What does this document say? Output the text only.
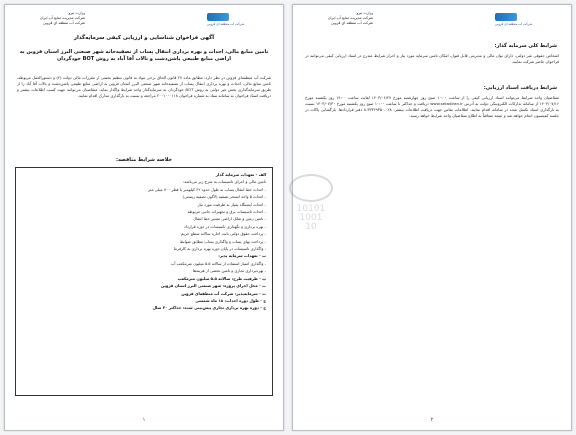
وزارت نیرو
شرکت مدیریت منابع آب ایران
شرکت آب منطقه ای قزوین	شرکت آب منطقه ای قزوین
آگهی فراخوان شناسایی و ارزیابی کیفی سرمایه‌گذار
تامین منابع مالی، احداث و بهره برداری انتقال پساب از تصفیه‌خانه شهر صنعتی البرز استان قزوین به اراضی منابع طبیعی پاشن‌دشت و تالاب آقا آباد به روش BOT خودگردان
شرکت آب منطقه‌ای قزوین در نظر دارد، مطابق ماده ۲۷ قانون الحاق برخی مواد به قانون تنظیم بخشی از مقررات مالی دولت (۲) و دستورالعمل مربوطه، تامین منابع مالی، احداث و بهره برداری انتقال پساب از تصفیه‌خانه شهر صنعتی البرز استان قزوین به اراضی منابع طبیعی پاشن‌دشت و تالاب آقا آباد را از طریق سرمایه‌گذاری بخش غیر دولتی به روش BOT خودگردان به سرمایه‌گذار واجد شرایط واگذار نماید. متقاضیان می‌توانند جهت کسب اطلاعات بیشتر و دریافت اسناد فراخوان به سامانه ستاد به شماره فراخوان ۲۰۰۱۰۰۰۱۱۸ مراجعه و نسبت به بارگذاری مدارک اقدام نمایند.
خلاصه شرایط مناقصه:
الف - تعهدات سرمایه گذار
تامین مالی و اجرای تاسیسات به شرح زیر می‌باشد:
- احداث خط انتقال پساب به طول حدود ۲۲ کیلومتر با قطر ۷۰۰ میلی متر
- احداث ۵ واحد استخر تصفیه (لاگون تصفیه زیستی)
- احداث ایستگاه پمپاژ به ظرفیت مورد نیاز
- احداث تاسیسات برق و تجهیزات جانبی مربوطه
- تامین زمین و تملک اراضی مسیر خط انتقال
- بهره برداری و نگهداری تاسیسات در دوره قرارداد
- پرداخت حقوق دولتی بابت اجاره سالانه سطح حریم
- پرداخت بهای پساب و واگذاری پساب مطابق ضوابط
- واگذاری تاسیسات در پایان دوره بهره برداری به کارفرما
ب - تعهدات سرمایه پذیر:
- واگذاری امتیاز استفاده از سالانه ۵.۵ میلیون مترمکعب آب
- بهره‌برداری تجاری و تامین بخشی از هزینه‌ها
پ - ظرفیت طرح: سالانه ۵.۵ میلیون مترمکعب
ت - محل اجرای پروژه: شهر صنعتی البرز استان قزوین
ث - سرمایه‌پذیر: شرکت آب منطقه‌ای قزوین
ج - طول دوره احداث: ۱۸ ماه شمسی
ح - دوره بهره برداری تجاری پیش‌بینی شده: حداکثر ۲۰ سال
۱
وزارت نیرو
شرکت مدیریت منابع آب ایران
شرکت آب منطقه ای قزوین	شرکت آب منطقه ای قزوین
شرایط کلی سرمایه گذار:
اشخاص حقوقی غیر دولتی، دارای توان مالی و مدیریتی قابل قبول، امکان تامین سرمایه مورد نیاز و احراز شرایط مندرج در اسناد ارزیابی کیفی می‌توانند در فراخوان حاضر شرکت نمایند.
شرایط دریافت اسناد ارزیابی:
متقاضیان واجد شرایط می‌توانند اسناد ارزیابی کیفی را از ساعت ۱۰:۰۰ صبح روز چهارشنبه مورخ ۱۴۰۳/۰۶/۲۷ لغایت ساعت ۱۴:۰۰ روز یکشنبه مورخ ۱۴۰۳/۰۷/۱۶ از سامانه تدارکات الکترونیکی دولت به آدرس www.setadiran.ir دریافت و حداکثر تا ساعت ۱۰:۰۰ صبح روز یکشنبه مورخ ۱۴۰۳/۰۷/۳۰ نسبت به بارگذاری اسناد تکمیل شده در سامانه اقدام نمایند. اطلاعات تماس جهت دریافت اطلاعات بیشتر: ۰۲۸-۳۳۳۶۹۳۵۰-۸ دفتر قراردادها. بازگشایی پاکات در جلسه کمیسیون انجام خواهد شد و نتیجه متعاقباً به اطلاع متقاضیان واجد شرایط خواهد رسید.
۲
10101
1001
10
